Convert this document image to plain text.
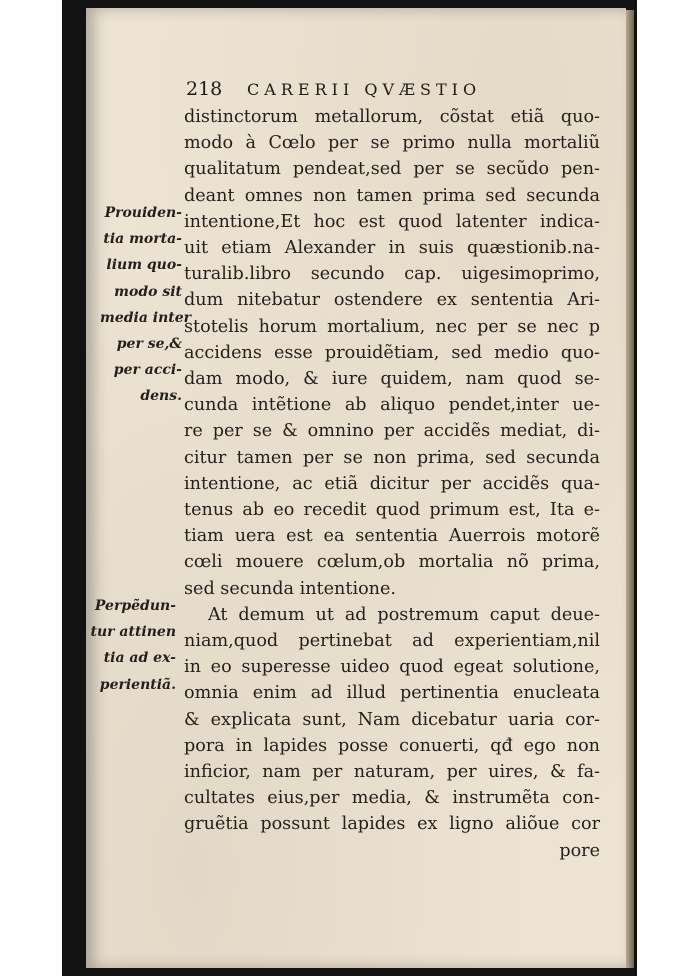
218 CARERII QVÆSTIO
Prouiden-
tia morta-
lium quo-
modo sit
media inter
per se,&
per acci-
dens.
Perpẽdun-
tur attinen
tia ad ex-
perientiã.
distinctorum metallorum, cõstat etiã quo-
modo à Cœlo per se primo nulla mortaliũ
qualitatum pendeat,sed per se secũdo pen-
deant omnes non tamen prima sed secunda
intentione,Et hoc est quod latenter indica-
uit etiam Alexander in suis quæstionib.na-
turalib.libro secundo cap. uigesimoprimo,
dum nitebatur ostendere ex sententia Ari-
stotelis horum mortalium, nec per se nec p
accidens esse prouidẽtiam, sed medio quo-
dam modo, & iure quidem, nam quod se-
cunda intẽtione ab aliquo pendet,inter ue-
re per se & omnino per accidẽs mediat, di-
citur tamen per se non prima, sed secunda
intentione, ac etiã dicitur per accidẽs qua-
tenus ab eo recedit quod primum est, Ita e-
tiam uera est ea sententia Auerrois motorẽ
cœli mouere cœlum,ob mortalia nõ prima,
sed secunda intentione.
At demum ut ad postremum caput deue-
niam,quod pertinebat ad experientiam,nil
in eo superesse uideo quod egeat solutione,
omnia enim ad illud pertinentia enucleata
& explicata sunt, Nam dicebatur uaria cor-
pora in lapides posse conuerti, qđ ego non
inficior, nam per naturam, per uires, & fa-
cultates eius,per media, & instrumẽta con-
gruẽtia possunt lapides ex ligno aliõue cor
pore
